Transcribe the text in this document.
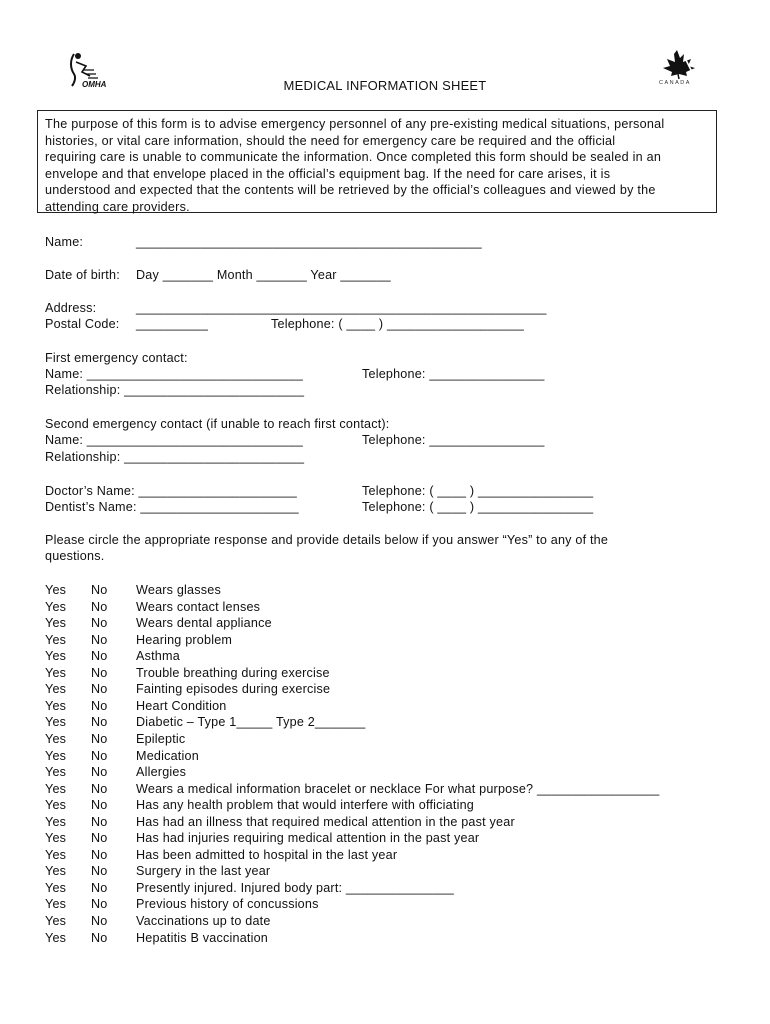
OMHA	CANADA
MEDICAL INFORMATION SHEET
The purpose of this form is to advise emergency personnel of any pre-existing medical situations, personal
histories, or vital care information, should the need for emergency care be required and the official
requiring care is unable to communicate the information. Once completed this form should be sealed in an
envelope and that envelope placed in the official’s equipment bag. If the need for care arises, it is
understood and expected that the contents will be retrieved by the official’s colleagues and viewed by the
attending care providers.
Name:	________________________________________________
Date of birth: Day _______ Month _______ Year _______
Address:	_________________________________________________________
Postal Code: __________	Telephone: ( ____ ) ___________________
First emergency contact:
Name: ______________________________	Telephone: ________________
Relationship: _________________________
Second emergency contact (if unable to reach first contact):
Name: ______________________________	Telephone: ________________
Relationship: _________________________
Doctor’s Name: ______________________	Telephone: ( ____ ) ________________
Dentist’s Name: ______________________	Telephone: ( ____ ) ________________
Please circle the appropriate response and provide details below if you answer “Yes” to any of the
questions.
Yes No Wears glasses
Yes No Wears contact lenses
Yes No Wears dental appliance
Yes No Hearing problem
Yes No Asthma
Yes No Trouble breathing during exercise
Yes No Fainting episodes during exercise
Yes No Heart Condition
Yes No Diabetic – Type 1_____ Type 2_______
Yes No Epileptic
Yes No Medication
Yes No Allergies
Yes No Wears a medical information bracelet or necklace For what purpose? _________________
Yes No Has any health problem that would interfere with officiating
Yes No Has had an illness that required medical attention in the past year
Yes No Has had injuries requiring medical attention in the past year
Yes No Has been admitted to hospital in the last year
Yes No Surgery in the last year
Yes No Presently injured. Injured body part: _______________
Yes No Previous history of concussions
Yes No Vaccinations up to date
Yes No Hepatitis B vaccination
